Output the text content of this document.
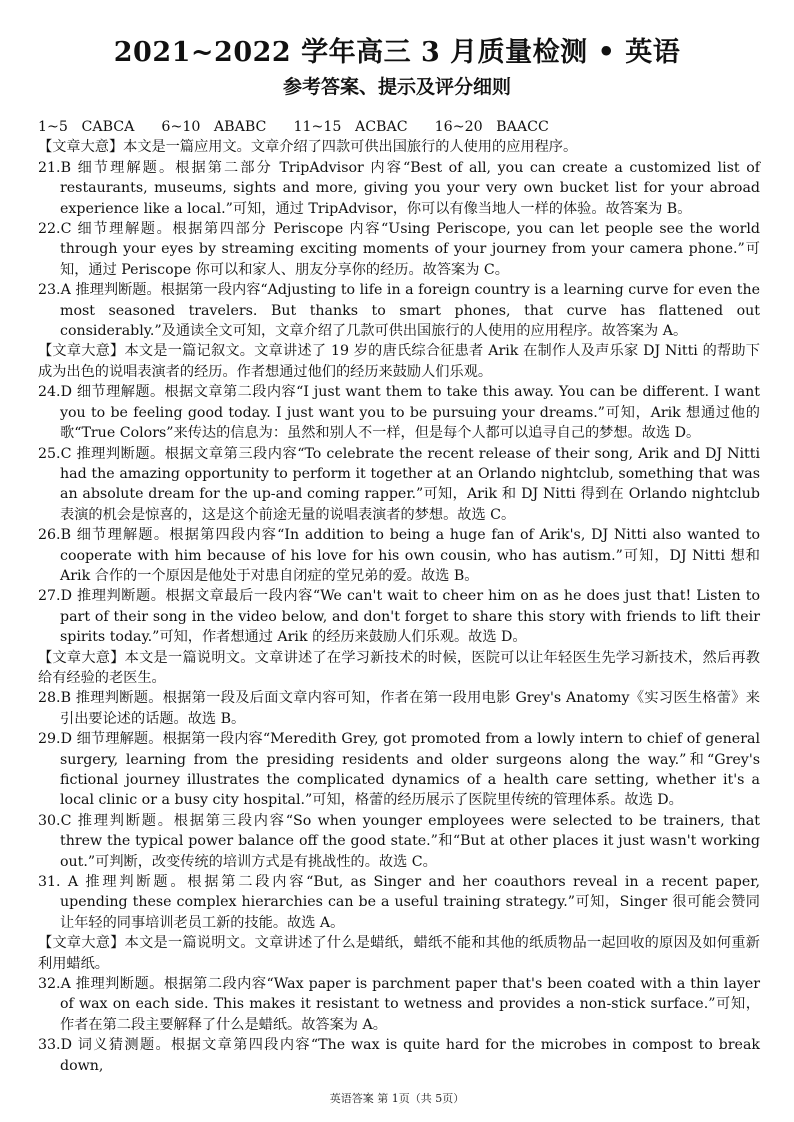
2021~2022 学年高三 3 月质量检测 • 英语
参考答案、提示及评分细则

1~5   CABCA      6~10   ABABC      11~15   ACBAC      16~20   BAACC

【文章大意】本文是一篇应用文。文章介绍了四款可供出国旅行的人使用的应用程序。

21.B 细节理解题。根据第二部分 TripAdvisor 内容“Best of all, you can create a customized list of restaurants, museums, sights and more, giving you your very own bucket list for your abroad experience like a local.”可知，通过 TripAdvisor，你可以有像当地人一样的体验。故答案为 B。

22.C 细节理解题。根据第四部分 Periscope 内容“Using Periscope, you can let people see the world through your eyes by streaming exciting moments of your journey from your camera phone.”可知，通过 Periscope 你可以和家人、朋友分享你的经历。故答案为 C。

23.A 推理判断题。根据第一段内容“Adjusting to life in a foreign country is a learning curve for even the most seasoned travelers. But thanks to smart phones, that curve has flattened out considerably.”及通读全文可知，文章介绍了几款可供出国旅行的人使用的应用程序。故答案为 A。

【文章大意】本文是一篇记叙文。文章讲述了 19 岁的唐氏综合征患者 Arik 在制作人及声乐家 DJ Nitti 的帮助下成为出色的说唱表演者的经历。作者想通过他们的经历来鼓励人们乐观。

24.D 细节理解题。根据文章第二段内容“I just want them to take this away. You can be different. I want you to be feeling good today. I just want you to be pursuing your dreams.”可知，Arik 想通过他的歌“True Colors”来传达的信息为：虽然和别人不一样，但是每个人都可以追寻自己的梦想。故选 D。

25.C 推理判断题。根据文章第三段内容“To celebrate the recent release of their song, Arik and DJ Nitti had the amazing opportunity to perform it together at an Orlando nightclub, something that was an absolute dream for the up-and coming rapper.”可知，Arik 和 DJ Nitti 得到在 Orlando nightclub 表演的机会是惊喜的，这是这个前途无量的说唱表演者的梦想。故选 C。

26.B 细节理解题。根据第四段内容“In addition to being a huge fan of Arik's, DJ Nitti also wanted to cooperate with him because of his love for his own cousin, who has autism.”可知，DJ Nitti 想和 Arik 合作的一个原因是他处于对患自闭症的堂兄弟的爱。故选 B。

27.D 推理判断题。根据文章最后一段内容“We can't wait to cheer him on as he does just that! Listen to part of their song in the video below, and don't forget to share this story with friends to lift their spirits today.”可知，作者想通过 Arik 的经历来鼓励人们乐观。故选 D。

【文章大意】本文是一篇说明文。文章讲述了在学习新技术的时候，医院可以让年轻医生先学习新技术，然后再教给有经验的老医生。

28.B 推理判断题。根据第一段及后面文章内容可知，作者在第一段用电影 Grey's Anatomy《实习医生格蕾》来引出要论述的话题。故选 B。

29.D 细节理解题。根据第一段内容“Meredith Grey, got promoted from a lowly intern to chief of general surgery, learning from the presiding residents and older surgeons along the way.”和“Grey's fictional journey illustrates the complicated dynamics of a health care setting, whether it's a local clinic or a busy city hospital.”可知，格蕾的经历展示了医院里传统的管理体系。故选 D。

30.C 推理判断题。根据第三段内容“So when younger employees were selected to be trainers, that threw the typical power balance off the good state.”和“But at other places it just wasn't working out.”可判断，改变传统的培训方式是有挑战性的。故选 C。

31. A 推理判断题。根据第二段内容“But, as Singer and her coauthors reveal in a recent paper, upending these complex hierarchies can be a useful training strategy.”可知，Singer 很可能会赞同让年轻的同事培训老员工新的技能。故选 A。

【文章大意】本文是一篇说明文。文章讲述了什么是蜡纸，蜡纸不能和其他的纸质物品一起回收的原因及如何重新利用蜡纸。

32.A 推理判断题。根据第二段内容“Wax paper is parchment paper that's been coated with a thin layer of wax on each side. This makes it resistant to wetness and provides a non-stick surface.”可知，作者在第二段主要解释了什么是蜡纸。故答案为 A。

33.D 词义猜测题。根据文章第四段内容“The wax is quite hard for the microbes in compost to break down,

英语答案 第 1页（共 5页）
